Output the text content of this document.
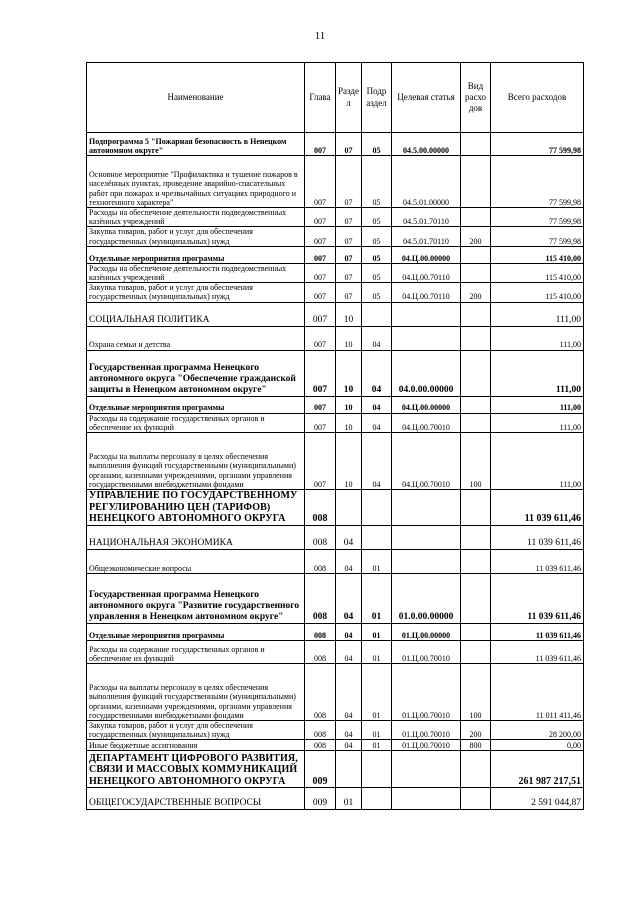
11
Наименование	Глава	Разде л	Подр аздел	Целевая статья	Вид расхо дов	Всего расходов
Подпрограмма 5 "Пожарная безопасность в Ненецком автономном округе"	007	07	05	04.5.00.00000		77 599,98
Основное мероприятие "Профилактика и тушение пожаров в населённых пунктах, проведение аварийно-спасательных работ при пожарах и чрезвычайных ситуациях природного и техногенного характера"	007	07	05	04.5.01.00000		77 599,98
Расходы на обеспечение деятельности подведомственных казённых учреждений	007	07	05	04.5.01.70110		77 599,98
Закупка товаров, работ и услуг для обеспечения государственных (муниципальных) нужд	007	07	05	04.5.01.70110	200	77 599,98
Отдельные мероприятия программы	007	07	05	04.Ц.00.00000		115 410,00
Расходы на обеспечение деятельности подведомственных казённых учреждений	007	07	05	04.Ц.00.70110		115 410,00
Закупка товаров, работ и услуг для обеспечения государственных (муниципальных) нужд	007	07	05	04.Ц.00.70110	200	115 410,00
СОЦИАЛЬНАЯ ПОЛИТИКА	007	10				111,00
Охрана семьи и детства	007	10	04			111,00
Государственная программа Ненецкого автономного округа "Обеспечение гражданской защиты в Ненецком автономном округе"	007	10	04	04.0.00.00000		111,00
Отдельные мероприятия программы	007	10	04	04.Ц.00.00000		111,00
Расходы на содержание государственных органов и обеспечение их функций	007	10	04	04.Ц.00.70010		111,00
Расходы на выплаты персоналу в целях обеспечения выполнения функций государственными (муниципальными) органами, казенными учреждениями, органами управления государственными внебюджетными фондами	007	10	04	04.Ц.00.70010	100	111,00
УПРАВЛЕНИЕ ПО ГОСУДАРСТВЕННОМУ РЕГУЛИРОВАНИЮ ЦЕН (ТАРИФОВ) НЕНЕЦКОГО АВТОНОМНОГО ОКРУГА	008					11 039 611,46
НАЦИОНАЛЬНАЯ ЭКОНОМИКА	008	04				11 039 611,46
Общеэкономические вопросы	008	04	01			11 039 611,46
Государственная программа Ненецкого автономного округа "Развитие государственного управления в Ненецком автономном округе"	008	04	01	01.0.00.00000		11 039 611,46
Отдельные мероприятия программы	008	04	01	01.Ц.00.00000		11 039 611,46
Расходы на содержание государственных органов и обеспечение их функций	008	04	01	01.Ц.00.70010		11 039 611,46
Расходы на выплаты персоналу в целях обеспечения выполнения функций государственными (муниципальными) органами, казенными учреждениями, органами управления государственными внебюджетными фондами	008	04	01	01.Ц.00.70010	100	11 011 411,46
Закупка товаров, работ и услуг для обеспечения государственных (муниципальных) нужд	008	04	01	01.Ц.00.70010	200	28 200,00
Иные бюджетные ассигнования	008	04	01	01.Ц.00.70010	800	0,00
ДЕПАРТАМЕНТ ЦИФРОВОГО РАЗВИТИЯ, СВЯЗИ И МАССОВЫХ КОММУНИКАЦИЙ НЕНЕЦКОГО АВТОНОМНОГО ОКРУГА	009					261 987 217,51
ОБЩЕГОСУДАРСТВЕННЫЕ ВОПРОСЫ	009	01				2 591 044,87
